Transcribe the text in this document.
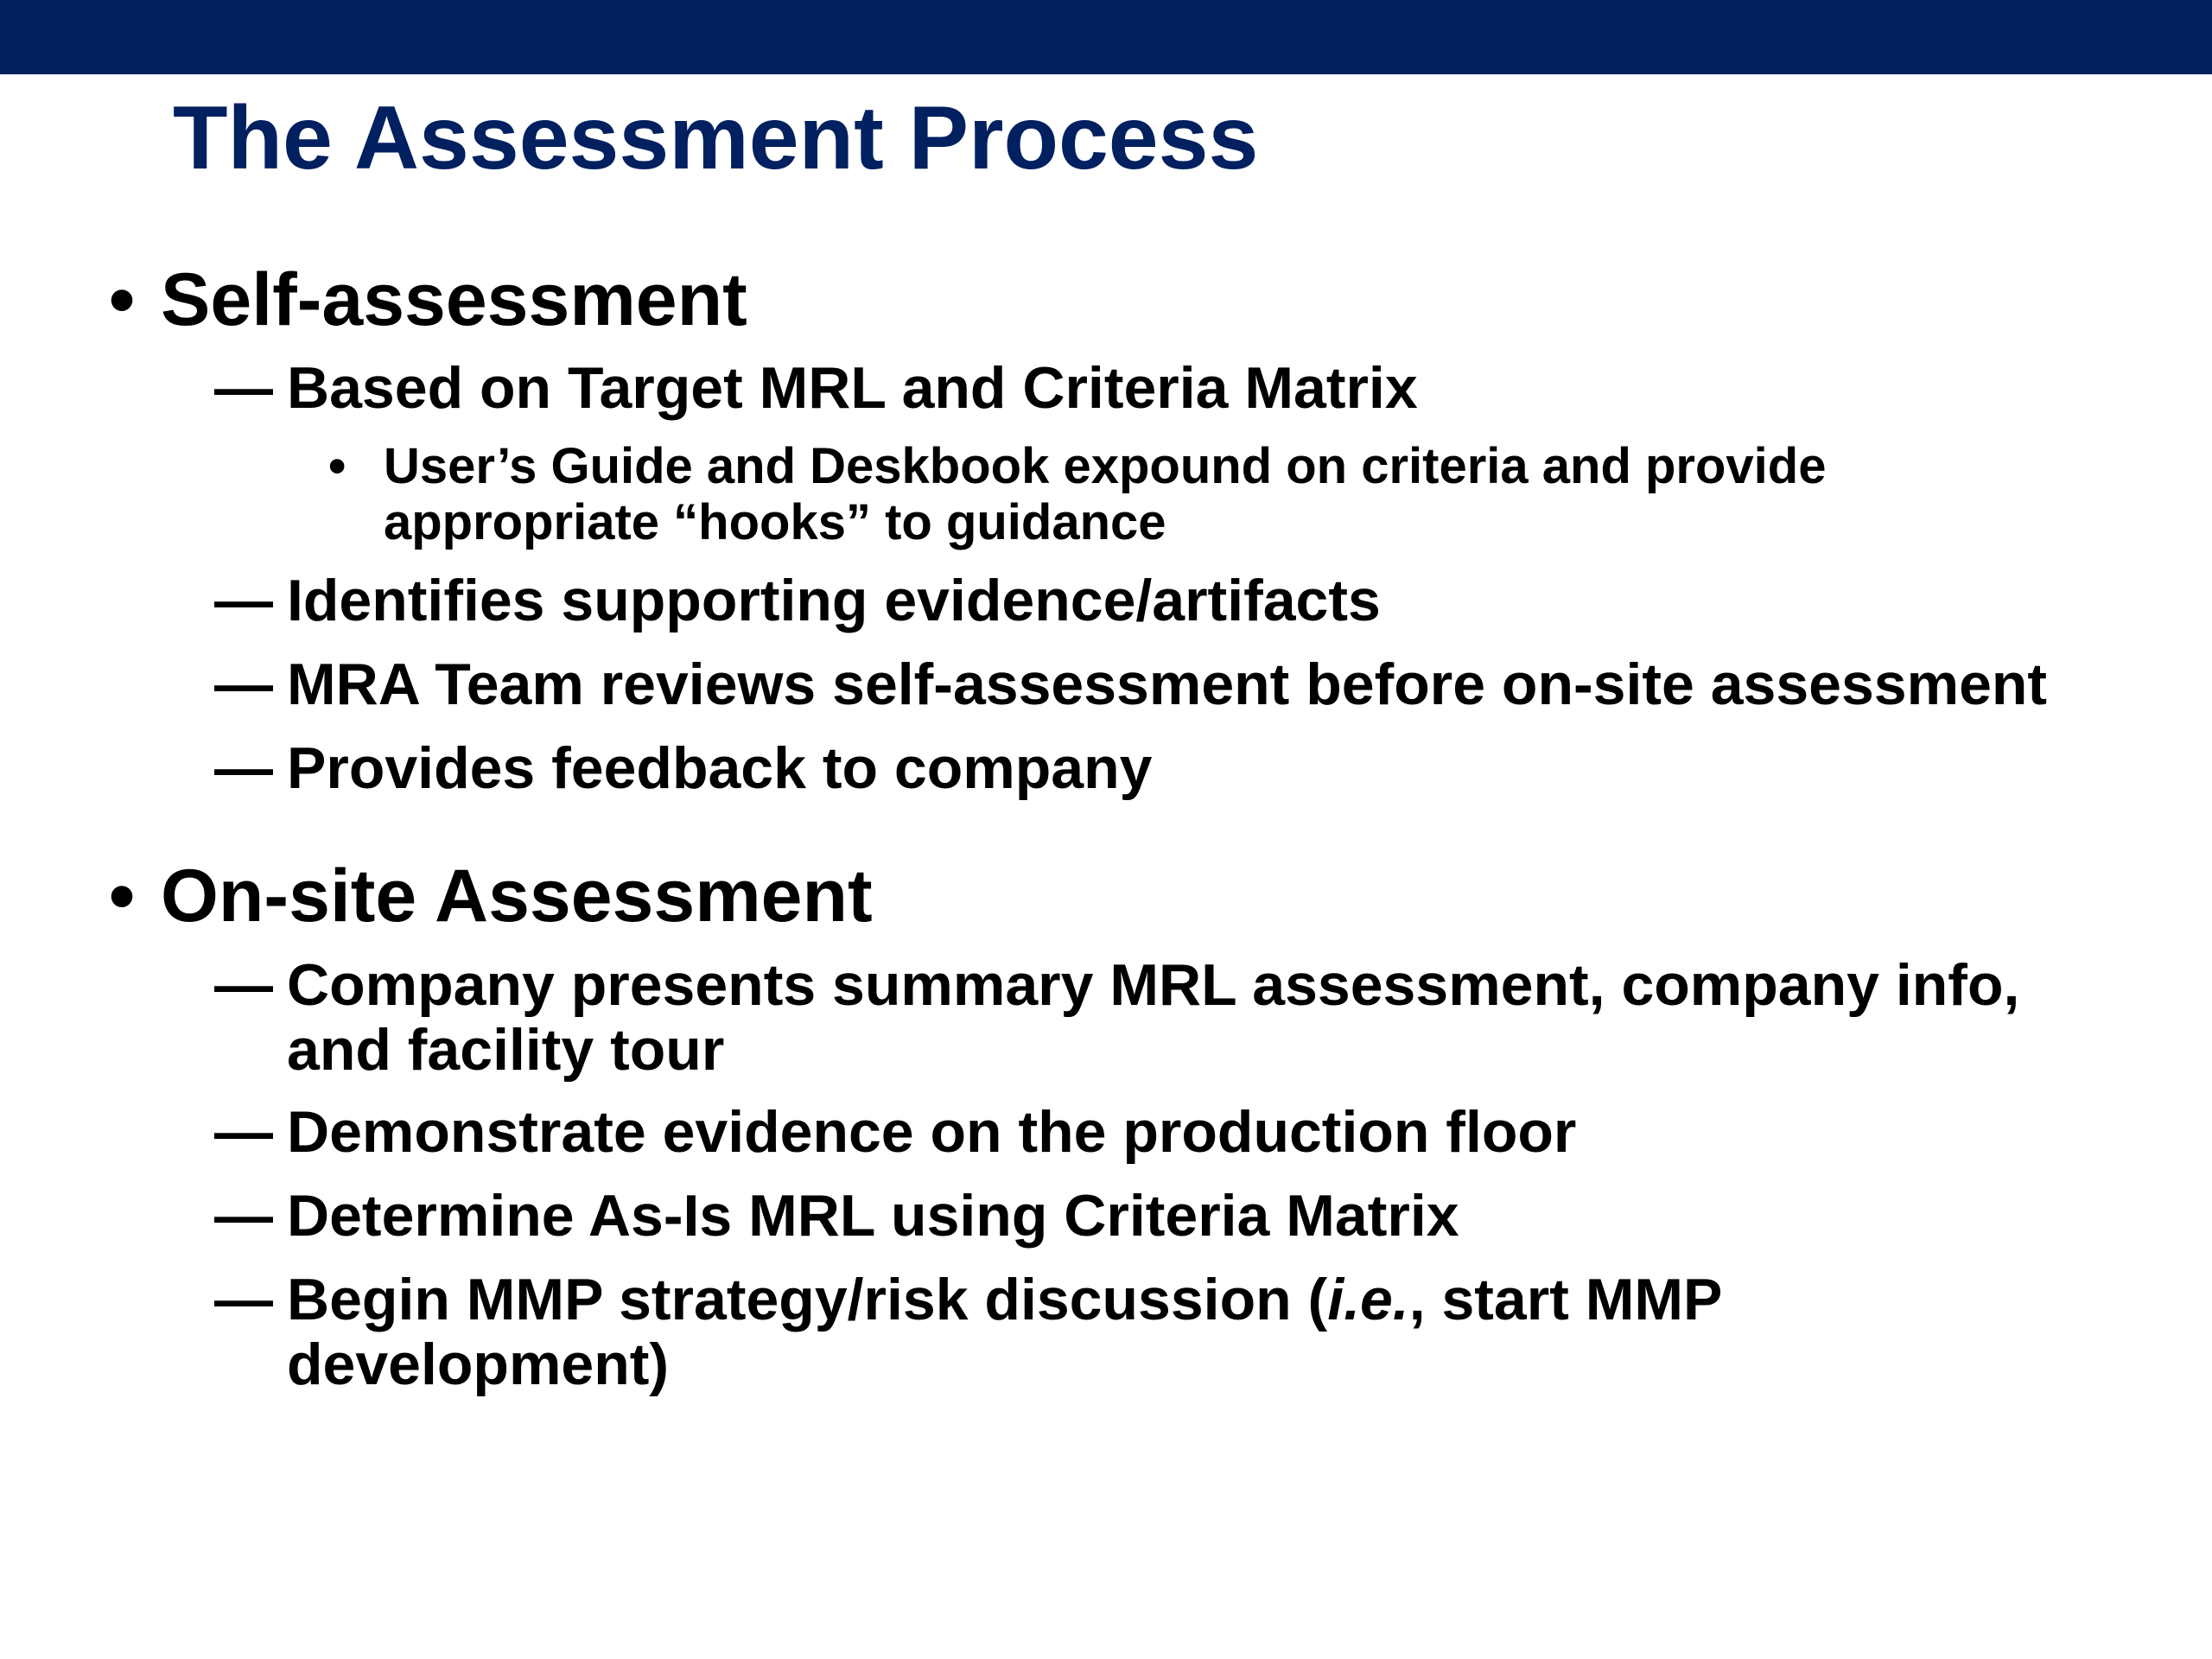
The Assessment Process
• Self-assessment
— Based on Target MRL and Criteria Matrix
• User’s Guide and Deskbook expound on criteria and provide appropriate “hooks” to guidance
— Identifies supporting evidence/artifacts
— MRA Team reviews self-assessment before on-site assessment
— Provides feedback to company
• On-site Assessment
— Company presents summary MRL assessment, company info, and facility tour
— Demonstrate evidence on the production floor
— Determine As-Is MRL using Criteria Matrix
— Begin MMP strategy/risk discussion (i.e., start MMP development)
